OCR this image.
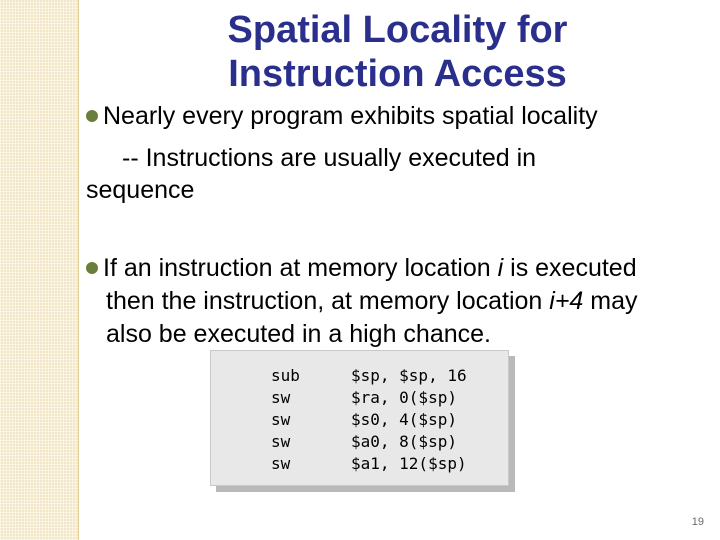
Spatial Locality for
Instruction Access
Nearly every program exhibits spatial locality
-- Instructions are usually executed in
sequence
If an instruction at memory location i is executed
then the instruction, at memory location i+4 may
also be executed in a high chance.
sub	$sp, $sp, 16
sw	$ra, 0($sp)
sw	$s0, 4($sp)
sw	$a0, 8($sp)
sw	$a1, 12($sp)
19
